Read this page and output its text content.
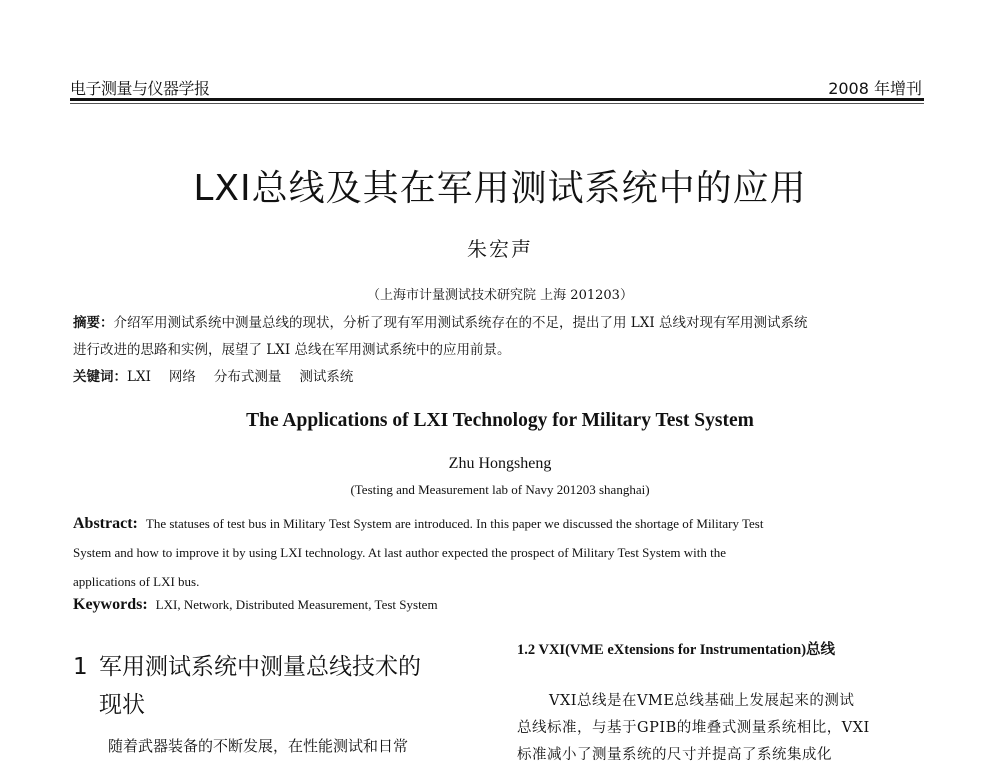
电子测量与仪器学报	2008 年增刊
LXI总线及其在军用测试系统中的应用
朱宏声
（上海市计量测试技术研究院 上海 201203）
摘要：介绍军用测试系统中测量总线的现状，分析了现有军用测试系统存在的不足，提出了用 LXI 总线对现有军用测试系统
进行改进的思路和实例，展望了 LXI 总线在军用测试系统中的应用前景。
关键词：LXI 网络 分布式测量 测试系统
The Applications of LXI Technology for Military Test System
Zhu Hongsheng
(Testing and Measurement lab of Navy 201203 shanghai)
Abstract: The statuses of test bus in Military Test System are introduced. In this paper we discussed the shortage of Military Test
System and how to improve it by using LXI technology. At last author expected the prospect of Military Test System with the
applications of LXI bus.
Keywords: LXI, Network, Distributed Measurement, Test System
1 军用测试系统中测量总线技术的
现状
随着武器装备的不断发展，在性能测试和日常
1.2 VXI(VME eXtensions for Instrumentation)总线
VXI总线是在VME总线基础上发展起来的测试
总线标准，与基于GPIB的堆叠式测量系统相比，VXI
标准减小了测量系统的尺寸并提高了系统集成化
